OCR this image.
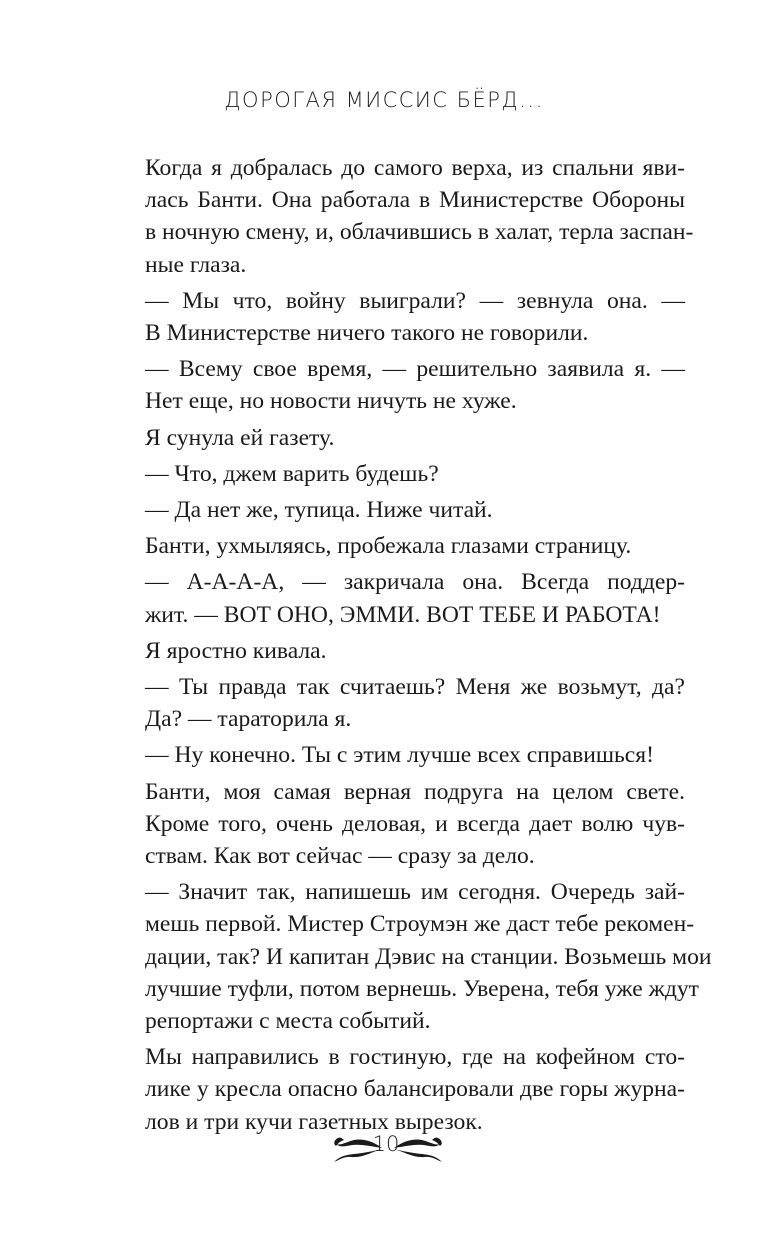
ДОРОГАЯ МИССИС БЁРД...

Когда я добралась до самого верха, из спальни яви-
лась Банти. Она работала в Министерстве Обороны
в ночную смену, и, облачившись в халат, терла заспан-
ные глаза.

— Мы что, войну выиграли? — зевнула она. —
В Министерстве ничего такого не говорили.

— Всему свое время, — решительно заявила я. —
Нет еще, но новости ничуть не хуже.

Я сунула ей газету.

— Что, джем варить будешь?

— Да нет же, тупица. Ниже читай.

Банти, ухмыляясь, пробежала глазами страницу.

— А-А-А-А, — закричала она. Всегда поддер-
жит. — ВОТ ОНО, ЭММИ. ВОТ ТЕБЕ И РАБОТА!

Я яростно кивала.

— Ты правда так считаешь? Меня же возьмут, да?
Да? — тараторила я.

— Ну конечно. Ты с этим лучше всех справишься!

Банти, моя самая верная подруга на целом свете.
Кроме того, очень деловая, и всегда дает волю чув-
ствам. Как вот сейчас — сразу за дело.

— Значит так, напишешь им сегодня. Очередь зай-
мешь первой. Мистер Строумэн же даст тебе рекомен-
дации, так? И капитан Дэвис на станции. Возьмешь мои
лучшие туфли, потом вернешь. Уверена, тебя уже ждут
репортажи с места событий.

Мы направились в гостиную, где на кофейном сто-
лике у кресла опасно балансировали две горы журна-
лов и три кучи газетных вырезок.

10
